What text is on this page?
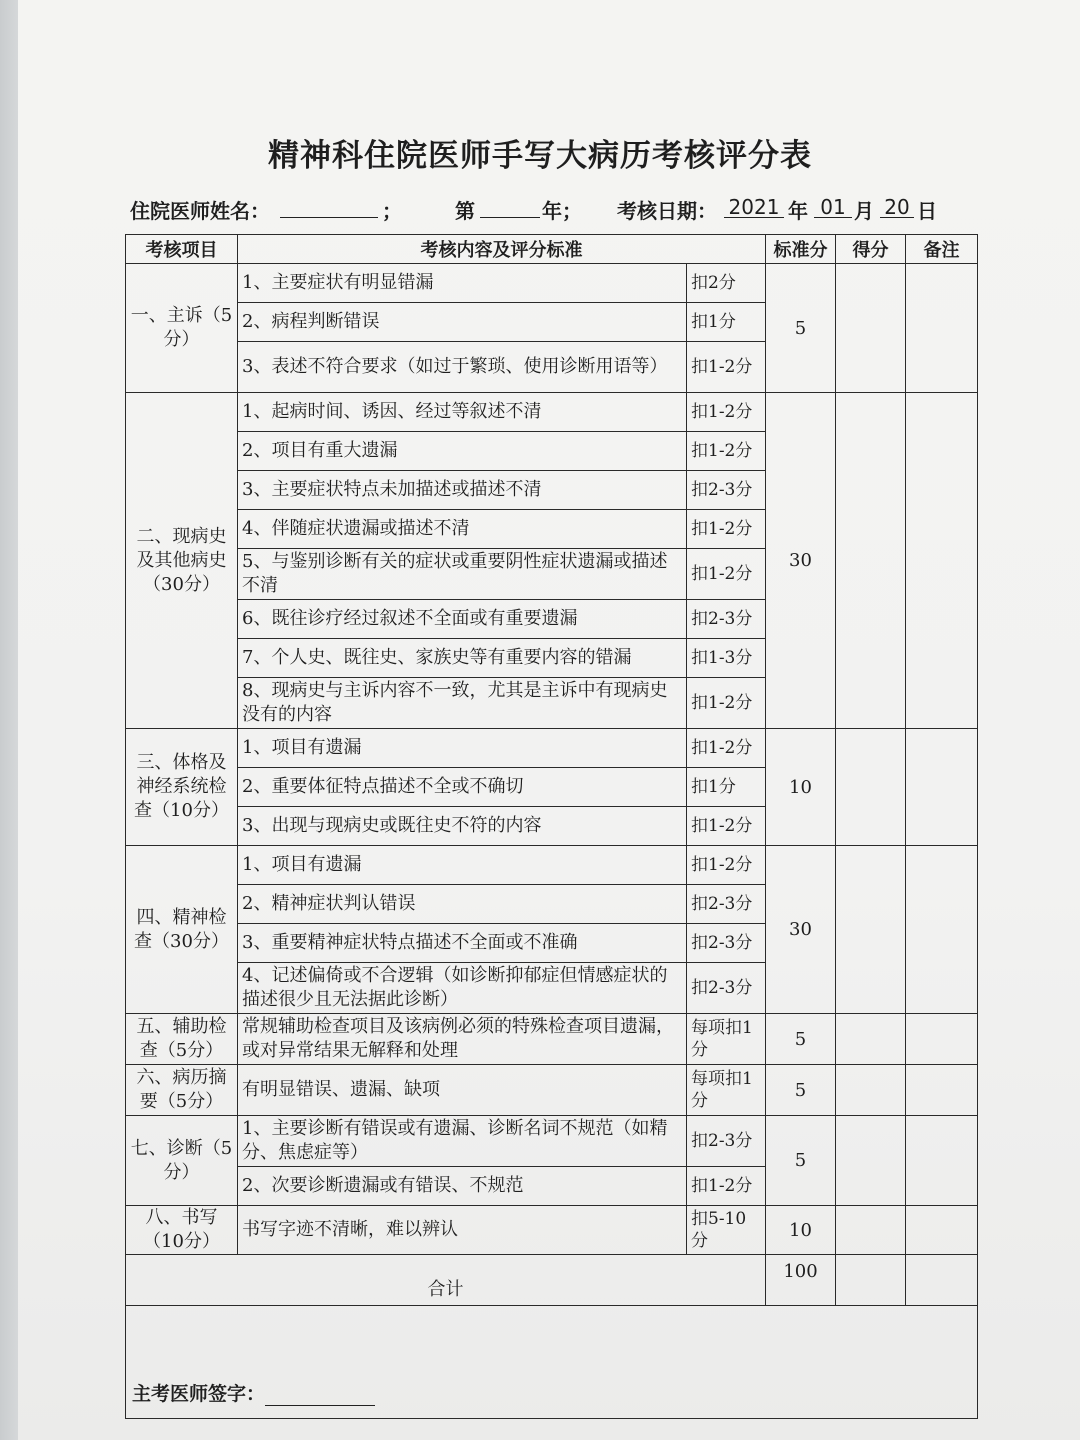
精神科住院医师手写大病历考核评分表
住院医师姓名：	；	第	年； 考核日期： 2021 年 01 月 20 日
考核项目	考核内容及评分标准		标准分	得分	备注
一、主诉（5分）	1、主要症状有明显错漏	扣2分	5		
	2、病程判断错误	扣1分			
	3、表述不符合要求（如过于繁琐、使用诊断用语等）	扣1-2分			
二、现病史及其他病史（30分）	1、起病时间、诱因、经过等叙述不清	扣1-2分	30		
	2、项目有重大遗漏	扣1-2分			
	3、主要症状特点未加描述或描述不清	扣2-3分			
	4、伴随症状遗漏或描述不清	扣1-2分			
	5、与鉴别诊断有关的症状或重要阴性症状遗漏或描述不清	扣1-2分			
	6、既往诊疗经过叙述不全面或有重要遗漏	扣2-3分			
	7、个人史、既往史、家族史等有重要内容的错漏	扣1-3分			
	8、现病史与主诉内容不一致，尤其是主诉中有现病史没有的内容	扣1-2分			
三、体格及神经系统检查（10分）	1、项目有遗漏	扣1-2分	10		
	2、重要体征特点描述不全或不确切	扣1分			
	3、出现与现病史或既往史不符的内容	扣1-2分			
四、精神检查（30分）	1、项目有遗漏	扣1-2分	30		
	2、精神症状判认错误	扣2-3分			
	3、重要精神症状特点描述不全面或不准确	扣2-3分			
	4、记述偏倚或不合逻辑（如诊断抑郁症但情感症状的描述很少且无法据此诊断）	扣2-3分			
五、辅助检查（5分）	常规辅助检查项目及该病例必须的特殊检查项目遗漏，或对异常结果无解释和处理	每项扣1分	5		
六、病历摘要（5分）	有明显错误、遗漏、缺项	每项扣1分	5		
七、诊断（5分）	1、主要诊断有错误或有遗漏、诊断名词不规范（如精分、焦虑症等）	扣2-3分	5		
	2、次要诊断遗漏或有错误、不规范	扣1-2分			
八、书写（10分）	书写字迹不清晰，难以辨认	扣5-10分	10		
合计			100		
主考医师签字：					
